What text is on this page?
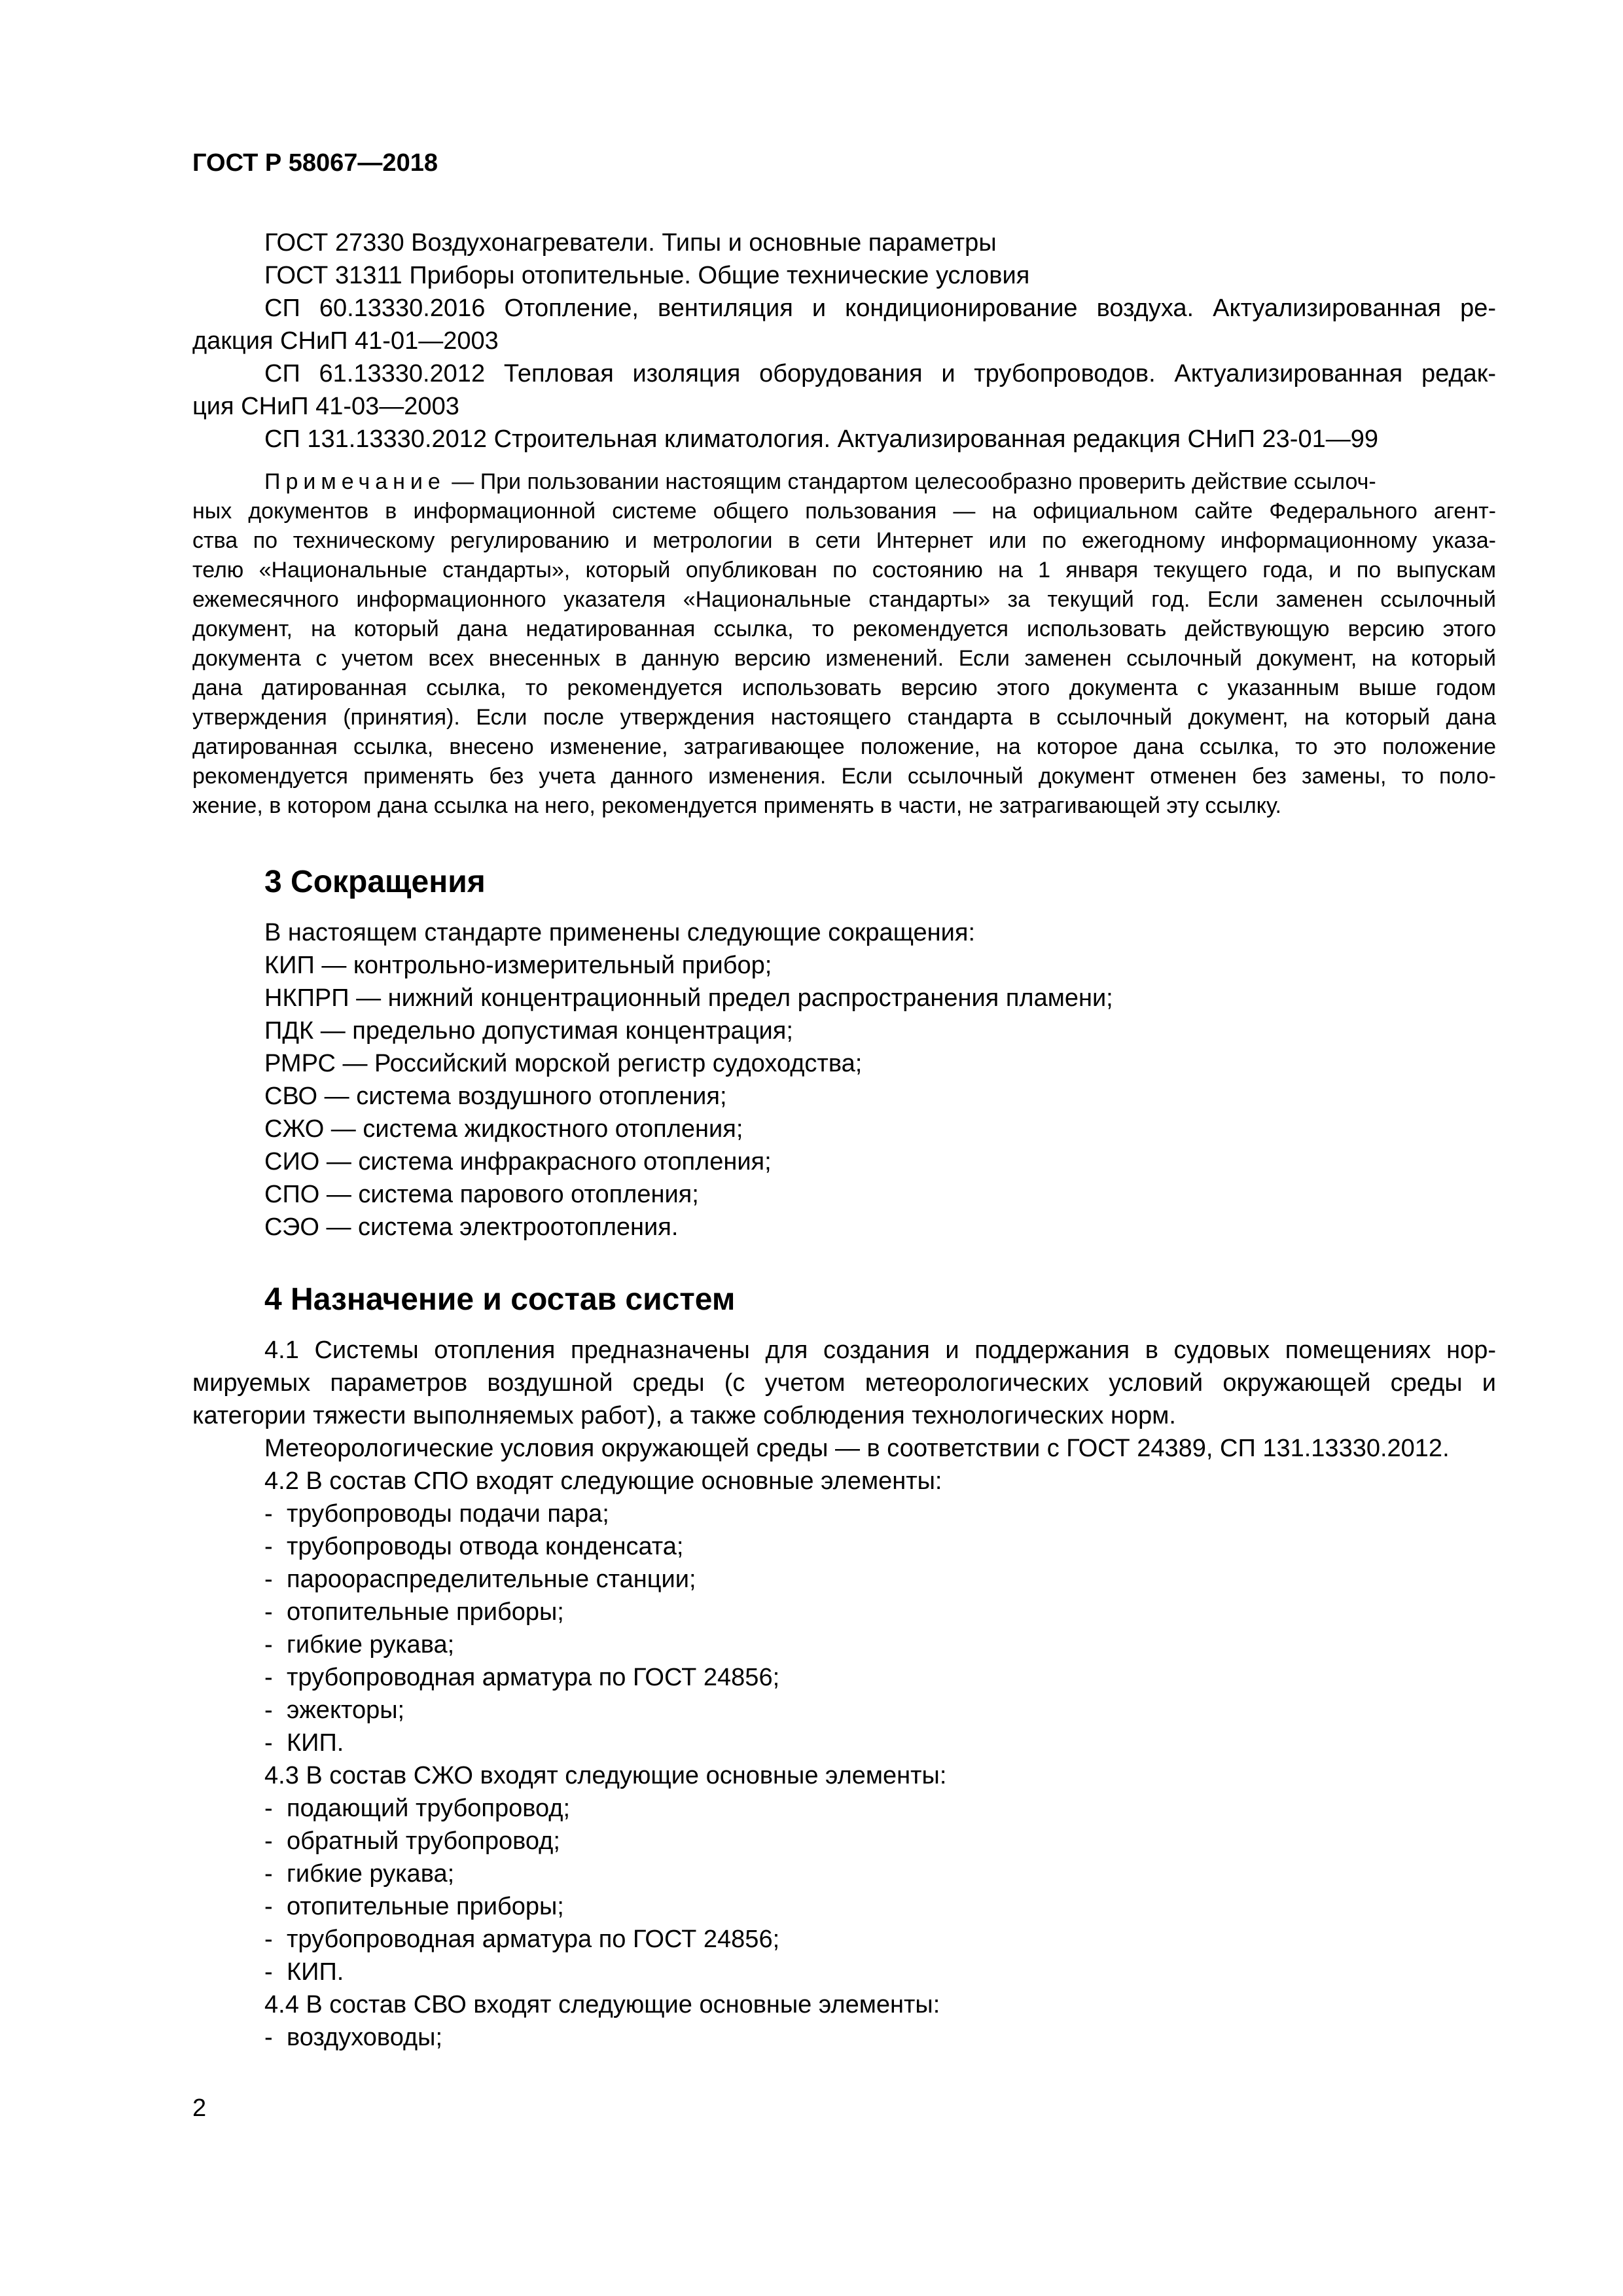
ГОСТ Р 58067—2018
ГОСТ 27330 Воздухонагреватели. Типы и основные параметры
ГОСТ 31311 Приборы отопительные. Общие технические условия
СП 60.13330.2016 Отопление, вентиляция и кондиционирование воздуха. Актуализированная ре-
дакция СНиП 41-01—2003
СП 61.13330.2012 Тепловая изоляция оборудования и трубопроводов. Актуализированная редак-
ция СНиП 41-03—2003
СП 131.13330.2012 Строительная климатология. Актуализированная редакция СНиП 23-01—99
Примечание — При пользовании настоящим стандартом целесообразно проверить действие ссылоч-
ных документов в информационной системе общего пользования — на официальном сайте Федерального агент-
ства по техническому регулированию и метрологии в сети Интернет или по ежегодному информационному указа-
телю «Национальные стандарты», который опубликован по состоянию на 1 января текущего года, и по выпускам
ежемесячного информационного указателя «Национальные стандарты» за текущий год. Если заменен ссылочный
документ, на который дана недатированная ссылка, то рекомендуется использовать действующую версию этого
документа с учетом всех внесенных в данную версию изменений. Если заменен ссылочный документ, на который
дана датированная ссылка, то рекомендуется использовать версию этого документа с указанным выше годом
утверждения (принятия). Если после утверждения настоящего стандарта в ссылочный документ, на который дана
датированная ссылка, внесено изменение, затрагивающее положение, на которое дана ссылка, то это положение
рекомендуется применять без учета данного изменения. Если ссылочный документ отменен без замены, то поло-
жение, в котором дана ссылка на него, рекомендуется применять в части, не затрагивающей эту ссылку.
3 Сокращения
В настоящем стандарте применены следующие сокращения:
КИП — контрольно-измерительный прибор;
НКПРП — нижний концентрационный предел распространения пламени;
ПДК — предельно допустимая концентрация;
РМРС — Российский морской регистр судоходства;
СВО — система воздушного отопления;
СЖО — система жидкостного отопления;
СИО — система инфракрасного отопления;
СПО — система парового отопления;
СЭО — система электроотопления.
4 Назначение и состав систем
4.1 Системы отопления предназначены для создания и поддержания в судовых помещениях нор-
мируемых параметров воздушной среды (с учетом метеорологических условий окружающей среды и
категории тяжести выполняемых работ), а также соблюдения технологических норм.
Метеорологические условия окружающей среды — в соответствии с ГОСТ 24389, СП 131.13330.2012.
4.2 В состав СПО входят следующие основные элементы:
- трубопроводы подачи пара;
- трубопроводы отвода конденсата;
- пароораспределительные станции;
- отопительные приборы;
- гибкие рукава;
- трубопроводная арматура по ГОСТ 24856;
- эжекторы;
- КИП.
4.3 В состав СЖО входят следующие основные элементы:
- подающий трубопровод;
- обратный трубопровод;
- гибкие рукава;
- отопительные приборы;
- трубопроводная арматура по ГОСТ 24856;
- КИП.
4.4 В состав СВО входят следующие основные элементы:
- воздуховоды;
2
